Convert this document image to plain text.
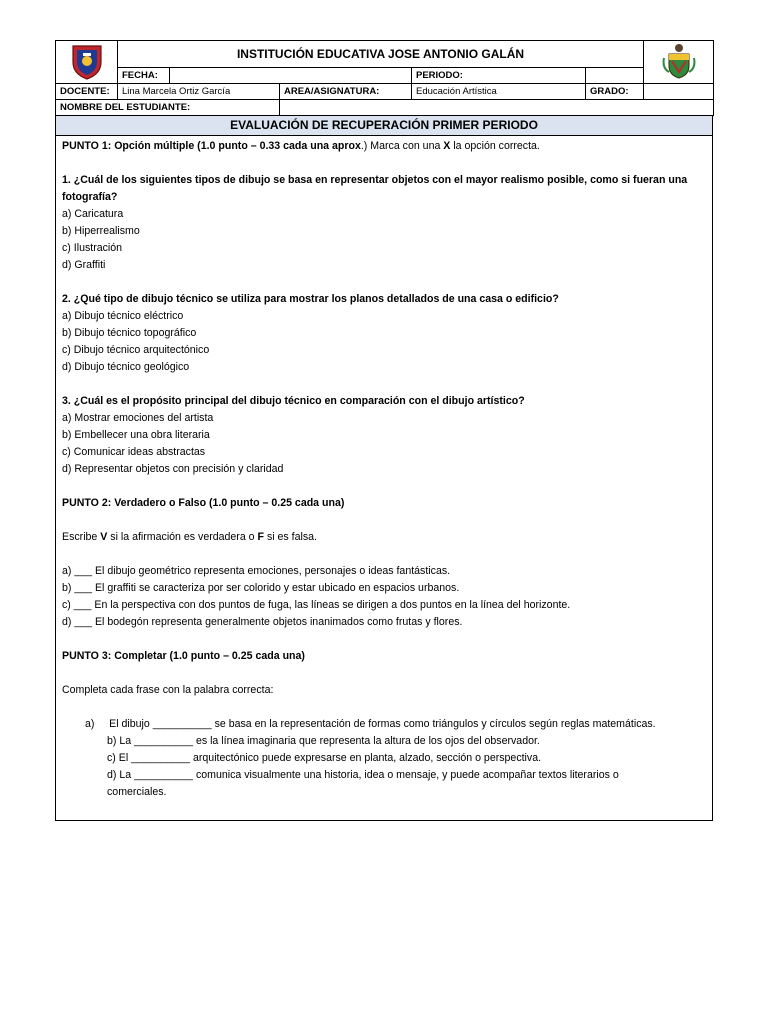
	INSTITUCIÓN EDUCATIVA JOSE ANTONIO GALÁN	
	FECHA:			PERIODO:		
DOCENTE:	Lina Marcela Ortiz García		AREA/ASIGNATURA:	Educación Artística	GRADO:	
NOMBRE DEL ESTUDIANTE:						
EVALUACIÓN DE RECUPERACIÓN PRIMER PERIODO

PUNTO 1: Opción múltiple (1.0 punto – 0.33 cada una aprox.) Marca con una X la opción correcta.

1. ¿Cuál de los siguientes tipos de dibujo se basa en representar objetos con el mayor realismo posible, como si fueran una fotografía?

a) Caricatura

b) Hiperrealismo

c) Ilustración

d) Graffiti

2. ¿Qué tipo de dibujo técnico se utiliza para mostrar los planos detallados de una casa o edificio?

a) Dibujo técnico eléctrico

b) Dibujo técnico topográfico

c) Dibujo técnico arquitectónico

d) Dibujo técnico geológico

3. ¿Cuál es el propósito principal del dibujo técnico en comparación con el dibujo artístico?

a) Mostrar emociones del artista

b) Embellecer una obra literaria

c) Comunicar ideas abstractas

d) Representar objetos con precisión y claridad

PUNTO 2: Verdadero o Falso (1.0 punto – 0.25 cada una)

Escribe V si la afirmación es verdadera o F si es falsa.

a) ___ El dibujo geométrico representa emociones, personajes o ideas fantásticas.

b) ___ El graffiti se caracteriza por ser colorido y estar ubicado en espacios urbanos.

c) ___ En la perspectiva con dos puntos de fuga, las líneas se dirigen a dos puntos en la línea del horizonte.

d) ___ El bodegón representa generalmente objetos inanimados como frutas y flores.

PUNTO 3: Completar (1.0 punto – 0.25 cada una)

Completa cada frase con la palabra correcta:

a) El dibujo __________ se basa en la representación de formas como triángulos y círculos según reglas matemáticas.

b) La __________ es la línea imaginaria que representa la altura de los ojos del observador.

c) El __________ arquitectónico puede expresarse en planta, alzado, sección o perspectiva.

d) La __________ comunica visualmente una historia, idea o mensaje, y puede acompañar textos literarios o

comerciales.
